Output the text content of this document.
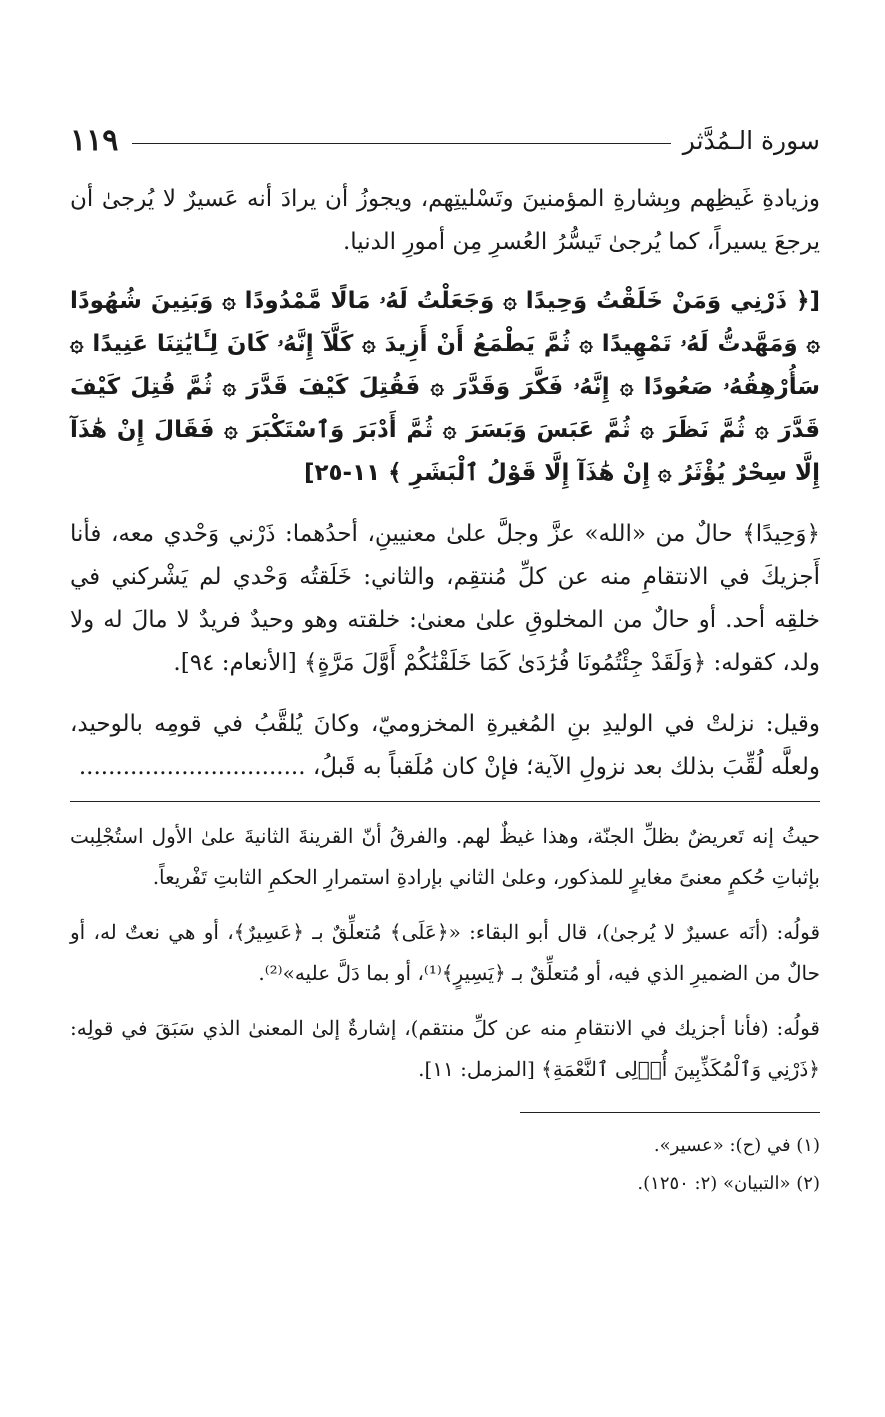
سورة الـمُدَّثر
١١٩

وزيادةِ غَيظِهم وبِشارةِ المؤمنينَ وتَسْليتِهم، ويجوزُ أن يرادَ أنه عَسيرٌ لا يُرجىٰ أن يرجعَ يسيراً، كما يُرجىٰ تَيسُّرُ العُسرِ مِن أمورِ الدنيا.

[﴿ ذَرْنِي وَمَنْ خَلَقْتُ وَحِيدًا ۞ وَجَعَلْتُ لَهُۥ مَالًا مَّمْدُودًا ۞ وَبَنِينَ شُهُودًا ۞ وَمَهَّدتُّ لَهُۥ تَمْهِيدًا ۞ ثُمَّ يَطْمَعُ أَنْ أَزِيدَ ۞ كَلَّآ إِنَّهُۥ كَانَ لِـَٔايَٰتِنَا عَنِيدًا ۞ سَأُرْهِقُهُۥ صَعُودًا ۞ إِنَّهُۥ فَكَّرَ وَقَدَّرَ ۞ فَقُتِلَ كَيْفَ قَدَّرَ ۞ ثُمَّ قُتِلَ كَيْفَ قَدَّرَ ۞ ثُمَّ نَظَرَ ۞ ثُمَّ عَبَسَ وَبَسَرَ ۞ ثُمَّ أَدْبَرَ وَٱسْتَكْبَرَ ۞ فَقَالَ إِنْ هَٰذَآ إِلَّا سِحْرٌ يُؤْثَرُ ۞ إِنْ هَٰذَآ إِلَّا قَوْلُ ٱلْبَشَرِ ﴾ ١١-٢٥]

﴿وَحِيدًا﴾ حالٌ من «الله» عزَّ وجلَّ علىٰ معنيينِ، أحدُهما: ذَرْني وَحْدي معه، فأنا أَجزيكَ في الانتقامِ منه عن كلِّ مُنتقِم، والثاني: خَلَقتُه وَحْدي لم يَشْركني في خلقِه أحد. أو حالٌ من المخلوقِ علىٰ معنىٰ: خلقته وهو وحيدٌ فريدٌ لا مالَ له ولا ولد، كقوله: ﴿وَلَقَدْ جِئْتُمُونَا فُرَٰدَىٰ كَمَا خَلَقْنَٰكُمْ أَوَّلَ مَرَّةٍ﴾ [الأنعام: ٩٤].

وقيل: نزلتْ في الوليدِ بنِ المُغيرةِ المخزوميّ، وكانَ يُلقَّبُ في قومِه بالوحيد، ولعلَّه لُقِّبَ بذلك بعد نزولِ الآية؛ فإنْ كان مُلَقباً به قَبلُ، ...............................

حيثُ إنه تَعريضٌ بظلِّ الجنّة، وهذا غيظٌ لهم. والفرقُ أنّ القرينةَ الثانيةَ علىٰ الأول استُجْلِبت بإثباتِ حُكمٍ معنىً مغايرٍ للمذكور، وعلىٰ الثاني بإرادةِ استمرارِ الحكمِ الثابتِ تَفْريعاً.

قولُه: (أنَه عسيرٌ لا يُرجىٰ)، قال أبو البقاء: «﴿عَلَى﴾ مُتعلِّقٌ بـ ﴿عَسِيرٌ﴾، أو هي نعتٌ له، أو حالٌ من الضميرِ الذي فيه، أو مُتعلِّقٌ بـ ﴿يَسِيرٍ﴾⁽¹⁾، أو بما دَلَّ عليه»⁽²⁾.

قولُه: (فأنا أجزيك في الانتقامِ منه عن كلِّ منتقم)، إشارةٌ إلىٰ المعنىٰ الذي سَبَقَ في قولِه: ﴿ذَرْنِي وَٱلْمُكَذِّبِينَ أُو۟لِى ٱلنَّعْمَةِ﴾ [المزمل: ١١].

(١) في (ح): «عسير».

(٢) «التبيان» (٢: ١٢٥٠).
